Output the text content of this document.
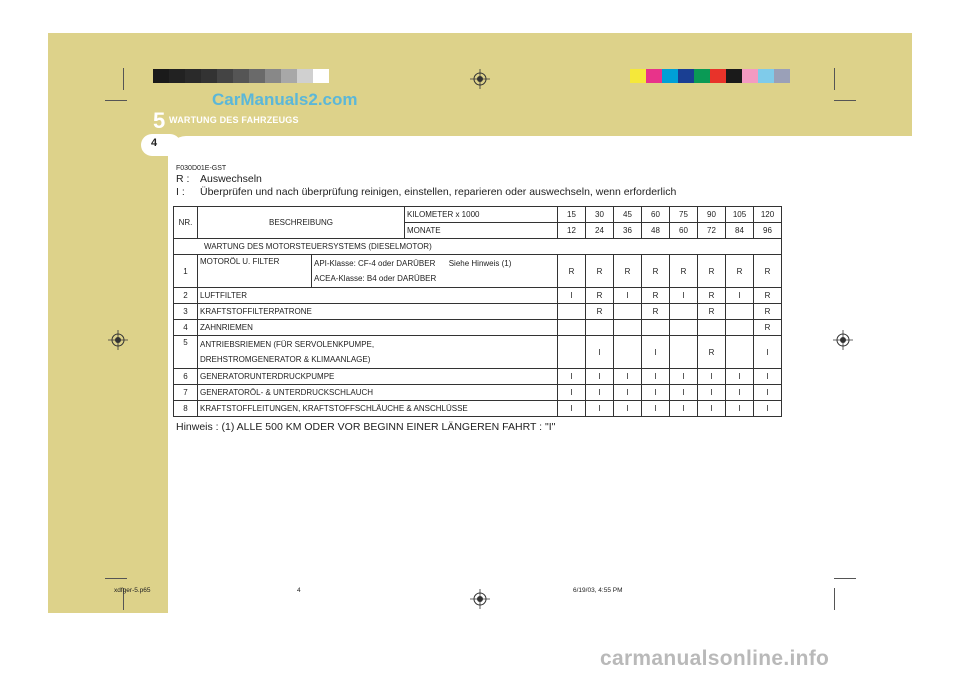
5 WARTUNG DES FAHRZEUGS
CarManuals2.com
4
F030D01E-GST
R :	Auswechseln
I :	Überprüfen und nach überprüfung reinigen, einstellen, reparieren oder auswechseln, wenn erforderlich
NR.	BESCHREIBUNG		KILOMETER x 1000	15	30	45	60	75	90	105	120
			MONATE	12	24	36	48	60	72	84	96
WARTUNG DES MOTORSTEUERSYSTEMS (DIESELMOTOR)											
1	MOTORÖL U. FILTER	API-Klasse: CF-4 oder DARÜBER Siehe Hinweis (1)
ACEA-Klasse: B4 oder DARÜBER		R	R	R	R	R	R	R	R
2	LUFTFILTER			I	R	I	R	I	R	I	R
3	KRAFTSTOFFILTERPATRONE				R		R		R		R
4	ZAHNRIEMEN										R
5	ANTRIEBSRIEMEN (FÜR SERVOLENKPUMPE,
DREHSTROMGENERATOR & KLIMAANLAGE)				I		I		R		I
6	GENERATORUNTERDRUCKPUMPE			I	I	I	I	I	I	I	I
7	GENERATORÖL- & UNTERDRUCKSCHLAUCH			I	I	I	I	I	I	I	I
8	KRAFTSTOFFLEITUNGEN, KRAFTSTOFFSCHLÄUCHE & ANSCHLÜSSE			I	I	I	I	I	I	I	I
Hinweis : (1) ALLE 500 KM ODER VOR BEGINN EINER LÄNGEREN FAHRT : "I"
xdfger-5.p65	4	6/19/03, 4:55 PM
carmanualsonline.info
